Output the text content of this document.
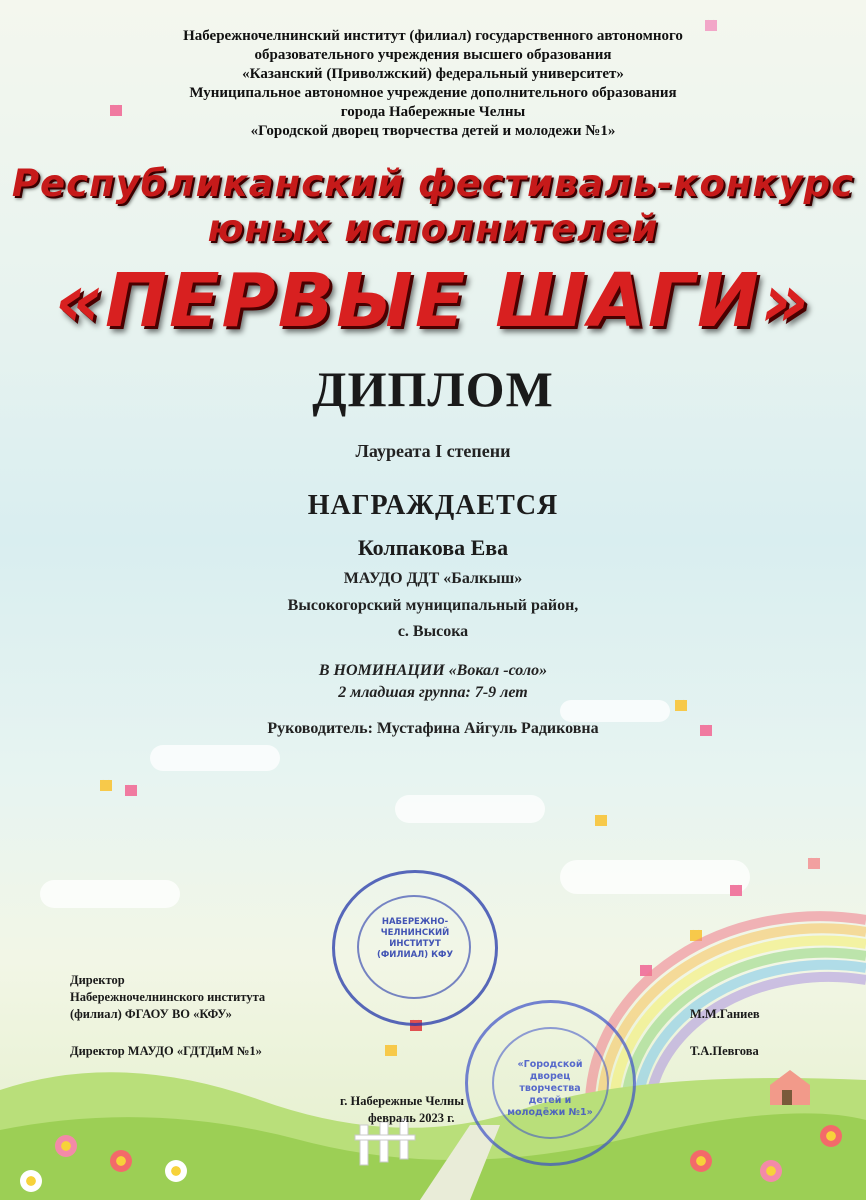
Набережночелнинский институт (филиал) государственного автономного
образовательного учреждения высшего образования
«Казанский (Приволжский) федеральный университет»
Муниципальное автономное учреждение дополнительного образования
города Набережные Челны
«Городской дворец творчества детей и молодежи №1»
Республиканский фестиваль-конкурс
юных исполнителей
«ПЕРВЫЕ ШАГИ»
ДИПЛОМ
Лауреата I степени
НАГРАЖДАЕТСЯ
Колпакова Ева
МАУДО ДДТ «Балкыш»
Высокогорский муниципальный район,
с. Высока
В НОМИНАЦИИ «Вокал -соло»
2 младшая группа: 7-9 лет
Руководитель: Мустафина Айгуль Радиковна
НАБЕРЕЖНО-ЧЕЛНИНСКИЙ ИНСТИТУТ (ФИЛИАЛ) КФУ
«Городской дворец творчества детей и молодёжи №1»
Директор
Набережночелнинского института
(филиал) ФГАОУ ВО «КФУ»	М.М.Ганиев
Директор МАУДО «ГДТДиМ №1»	Т.А.Певгова
г. Набережные Челны
февраль 2023 г.
